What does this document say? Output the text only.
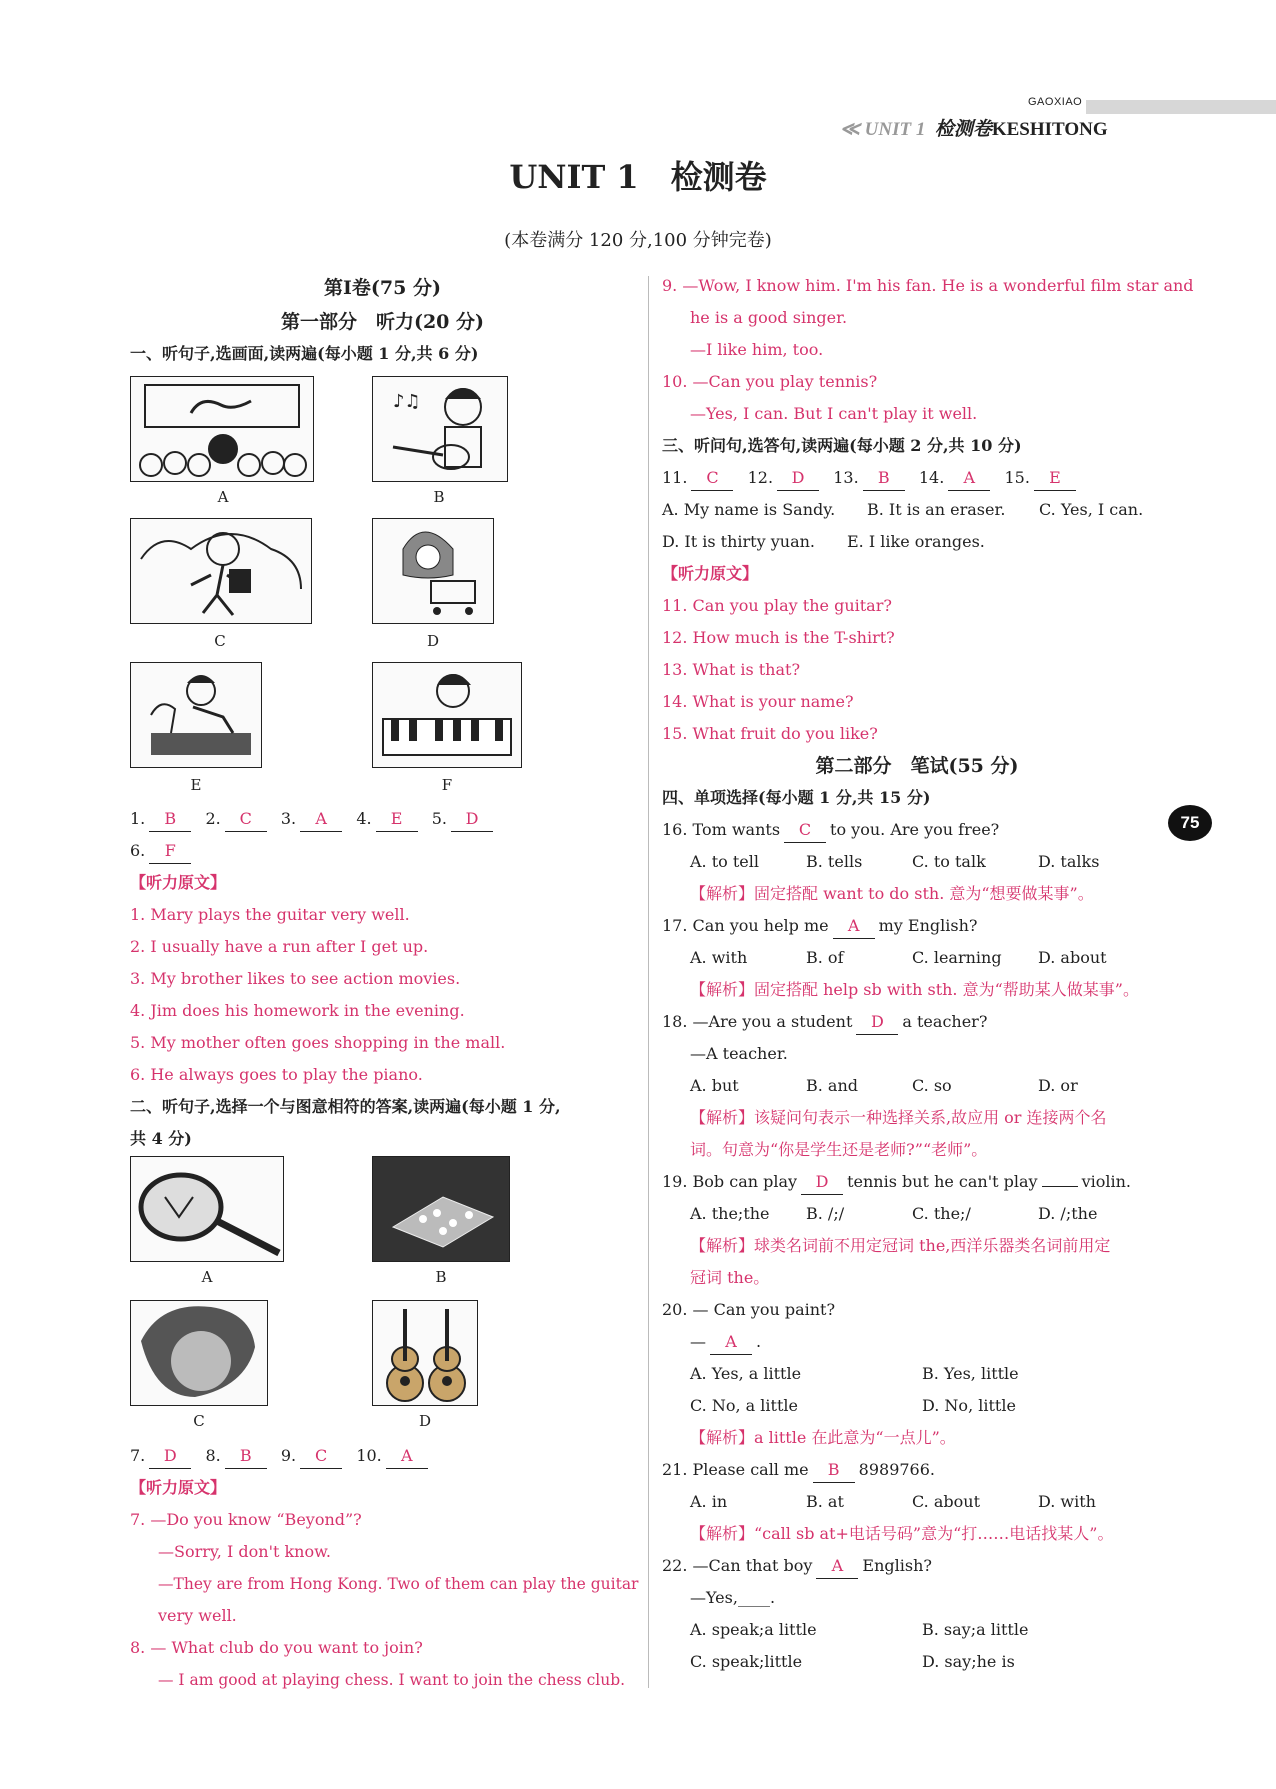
GAOXIAO
≪ UNIT 1 检测卷KESHITONG
UNIT 1　检测卷
(本卷满分 120 分,100 分钟完卷)
75
第Ⅰ卷(75 分)
第一部分　听力(20 分)
一、听句子,选画面,读两遍(每小题 1 分,共 6 分)
♪♫
A	B
C	D
E	F
1. B 2. C 3. A 4. E 5. D
6. F
【听力原文】
1. Mary plays the guitar very well.
2. I usually have a run after I get up.
3. My brother likes to see action movies.
4. Jim does his homework in the evening.
5. My mother often goes shopping in the mall.
6. He always goes to play the piano.
二、听句子,选择一个与图意相符的答案,读两遍(每小题 1 分,
共 4 分)
A	B
C	D
7. D 8. B 9. C 10. A
【听力原文】
7. —Do you know “Beyond”?
—Sorry, I don't know.
—They are from Hong Kong. Two of them can play the guitar
very well.
8. — What club do you want to join?
— I am good at playing chess. I want to join the chess club.
9. —Wow, I know him. I'm his fan. He is a wonderful film star and
he is a good singer.
—I like him, too.
10. —Can you play tennis?
—Yes, I can. But I can't play it well.
三、听问句,选答句,读两遍(每小题 2 分,共 10 分)
11. C 12. D 13. B 14. A 15. E
A. My name is Sandy. B. It is an eraser. C. Yes, I can.
D. It is thirty yuan. E. I like oranges.
【听力原文】
11. Can you play the guitar?
12. How much is the T-shirt?
13. What is that?
14. What is your name?
15. What fruit do you like?
第二部分　笔试(55 分)
四、单项选择(每小题 1 分,共 15 分)
16. Tom wants C to you. Are you free?
A. to tell	B. tells	C. to talk	D. talks
【解析】固定搭配 want to do sth. 意为“想要做某事”。
17. Can you help me A my English?
A. with	B. of	C. learning D. about
【解析】固定搭配 help sb with sth. 意为“帮助某人做某事”。
18. —Are you a student D a teacher?
—A teacher.
A. but	B. and	C. so	D. or
【解析】该疑问句表示一种选择关系,故应用 or 连接两个名
词。句意为“你是学生还是老师?”“老师”。
19. Bob can play D tennis but he can't play	violin.
A. the;the B. /;/	C. the;/	D. /;the
【解析】球类名词前不用定冠词 the,西洋乐器类名词前用定
冠词 the。
20. — Can you paint?
— A .
A. Yes, a little	B. Yes, little
C. No, a little	D. No, little
【解析】a little 在此意为“一点儿”。
21. Please call me B 8989766.
A. in	B. at	C. about	D. with
【解析】“call sb at+电话号码”意为“打……电话找某人”。
22. —Can that boy A English?
—Yes,____.
A. speak;a little	B. say;a little
C. speak;little	D. say;he is
